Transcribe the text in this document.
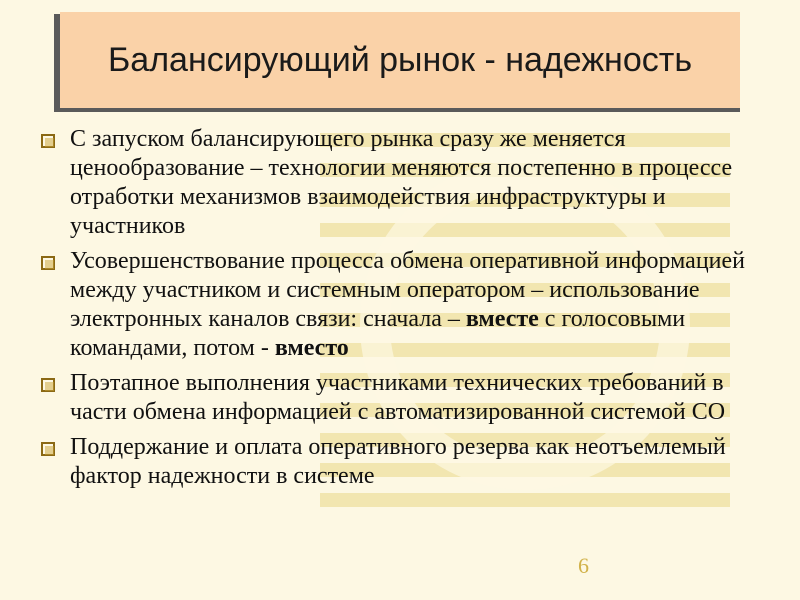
Балансирующий рынок - надежность
С запуском балансирующего рынка сразу же меняется ценообразование – технологии меняются постепенно в процессе отработки механизмов взаимодействия инфраструктуры и участников
Усовершенствование процесса обмена оперативной информацией между участником и системным оператором – использование электронных каналов связи: сначала – вместе с голосовыми командами, потом - вместо
Поэтапное выполнения участниками технических требований в части обмена информацией с автоматизированной системой СО
Поддержание и оплата оперативного резерва как неотъемлемый фактор надежности в системе
6
